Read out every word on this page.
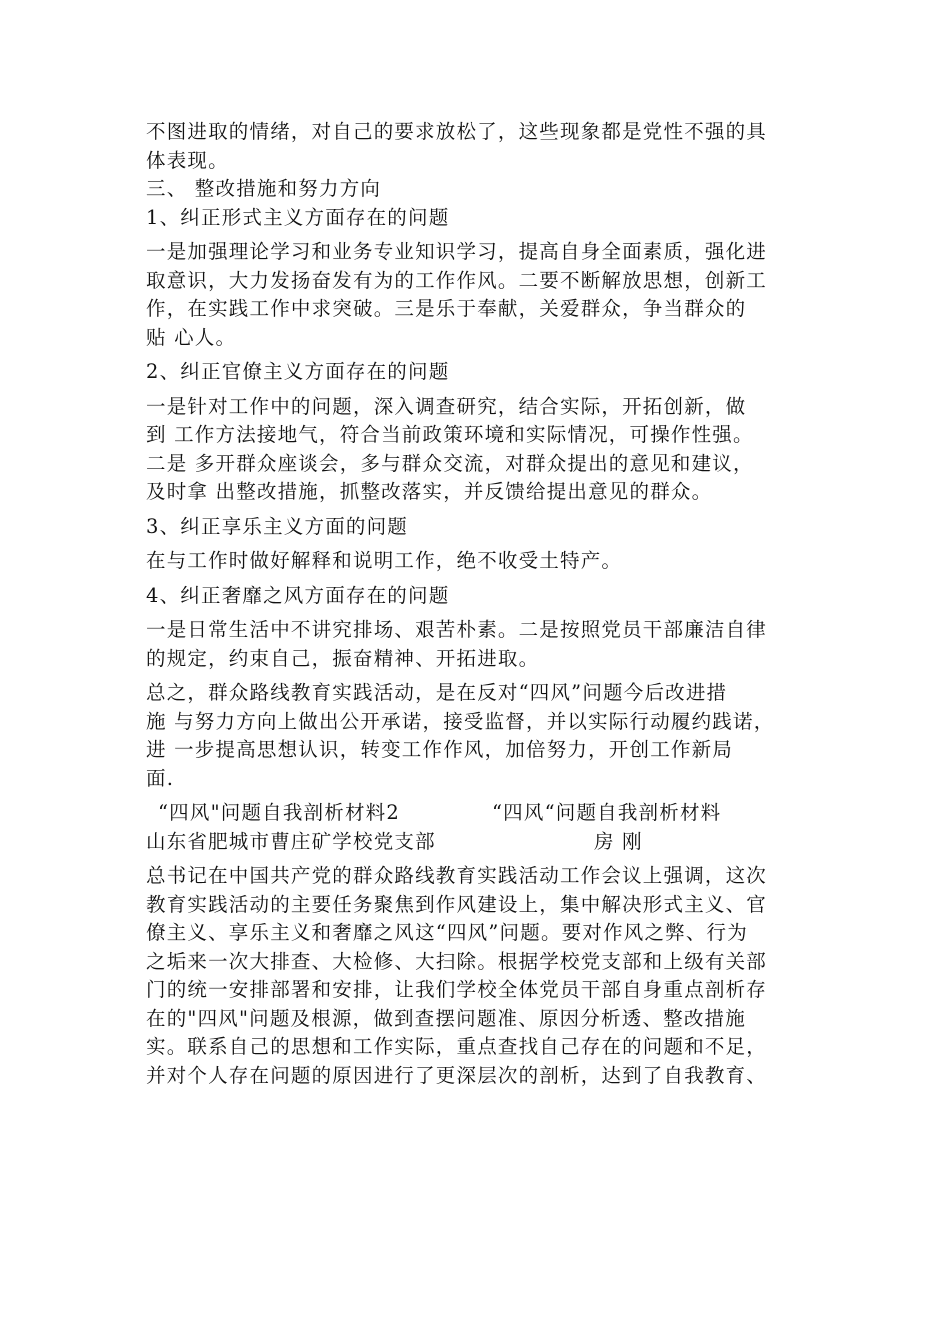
不图进取的情绪，对自己的要求放松了，这些现象都是党性不强的具

体表现。

三、 整改措施和努力方向

1、纠正形式主义方面存在的问题

一是加强理论学习和业务专业知识学习，提高自身全面素质，强化进

取意识，大力发扬奋发有为的工作作风。二要不断解放思想，创新工

作，在实践工作中求突破。三是乐于奉献，关爱群众，争当群众的

贴 心人。

2、纠正官僚主义方面存在的问题

一是针对工作中的问题，深入调查研究，结合实际，开拓创新，做

到 工作方法接地气，符合当前政策环境和实际情况，可操作性强。

二是 多开群众座谈会，多与群众交流，对群众提出的意见和建议，

及时拿 出整改措施，抓整改落实，并反馈给提出意见的群众。

3、纠正享乐主义方面的问题

在与工作时做好解释和说明工作，绝不收受土特产。

4、纠正奢靡之风方面存在的问题

一是日常生活中不讲究排场、艰苦朴素。二是按照党员干部廉洁自律

的规定，约束自己，振奋精神、开拓进取。

总之，群众路线教育实践活动，是在反对“四风”问题今后改进措

施 与努力方向上做出公开承诺，接受监督，并以实际行动履约践诺，

进 一步提高思想认识，转变工作作风，加倍努力，开创工作新局

面.

“四风"问题自我剖析材料2	“四风“问题自我剖析材料
山东省肥城市曹庄矿学校党支部	房 刚

总书记在中国共产党的群众路线教育实践活动工作会议上强调，这次

教育实践活动的主要任务聚焦到作风建设上，集中解决形式主义、官

僚主义、享乐主义和奢靡之风这“四风”问题。要对作风之弊、行为

之垢来一次大排查、大检修、大扫除。根据学校党支部和上级有关部

门的统一安排部署和安排，让我们学校全体党员干部自身重点剖析存

在的"四风"问题及根源，做到查摆问题准、原因分析透、整改措施

实。联系自己的思想和工作实际，重点查找自己存在的问题和不足，

并对个人存在问题的原因进行了更深层次的剖析，达到了自我教育、
